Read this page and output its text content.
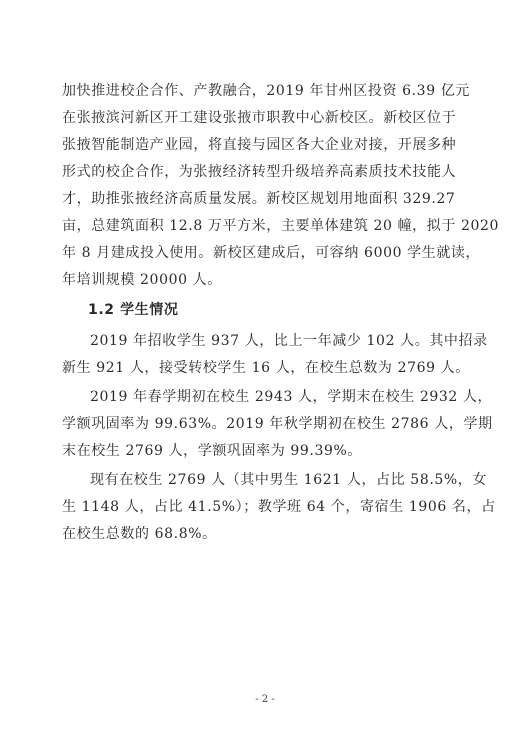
加快推进校企合作、产教融合，2019 年甘州区投资 6.39 亿元
在张掖滨河新区开工建设张掖市职教中心新校区。新校区位于
张掖智能制造产业园，将直接与园区各大企业对接，开展多种
形式的校企合作，为张掖经济转型升级培养高素质技术技能人
才，助推张掖经济高质量发展。新校区规划用地面积 329.27
亩，总建筑面积 12.8 万平方米，主要单体建筑 20 幢，拟于 2020
年 8 月建成投入使用。新校区建成后，可容纳 6000 学生就读，
年培训规模 20000 人。
1.2 学生情况
2019 年招收学生 937 人，比上一年减少 102 人。其中招录
新生 921 人，接受转校学生 16 人，在校生总数为 2769 人。
2019 年春学期初在校生 2943 人，学期末在校生 2932 人，
学额巩固率为 99.63%。2019 年秋学期初在校生 2786 人，学期
末在校生 2769 人，学额巩固率为 99.39%。
现有在校生 2769 人（其中男生 1621 人，占比 58.5%，女
生 1148 人，占比 41.5%）；教学班 64 个，寄宿生 1906 名，占
在校生总数的 68.8%。
- 2 -
